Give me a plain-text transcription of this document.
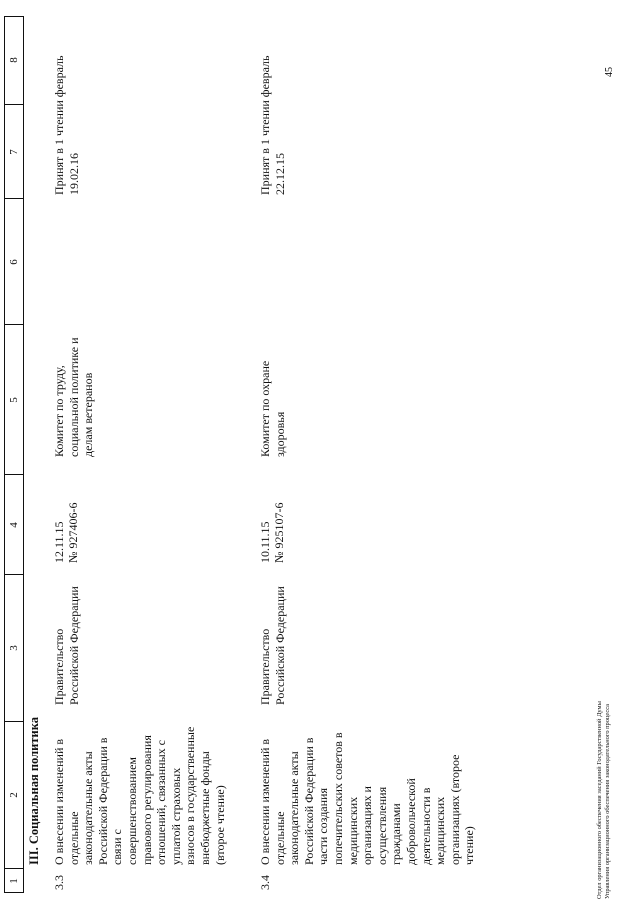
1
2
3
4
5
6
7
8
III. Социальная политика
3.3
О внесении изменений в отдельные законодательные акты Российской Федерации в связи с совершенствованием правового регулирования отношений, связанных с уплатой страховых взносов в государственные внебюджетные фонды (второе чтение)
Правительство Российской Федерации
12.11.15 № 927406-6
Комитет по труду, социальной политике и делам ветеранов
Принят в 1 чтении февраль 19.02.16
3.4
О внесении изменений в отдельные законодательные акты Российской Федерации в части создания попечительских советов в медицинских организациях и осуществления гражданами добровольческой деятельности в медицинских организациях (второе чтение)
Правительство Российской Федерации
10.11.15 № 925107-6
Комитет по охране здоровья
Принят в 1 чтении февраль 22.12.15
Отдел организационного обеспечения заседаний Государственной Думы Управления организационного обеспечения законодательного процесса
45
